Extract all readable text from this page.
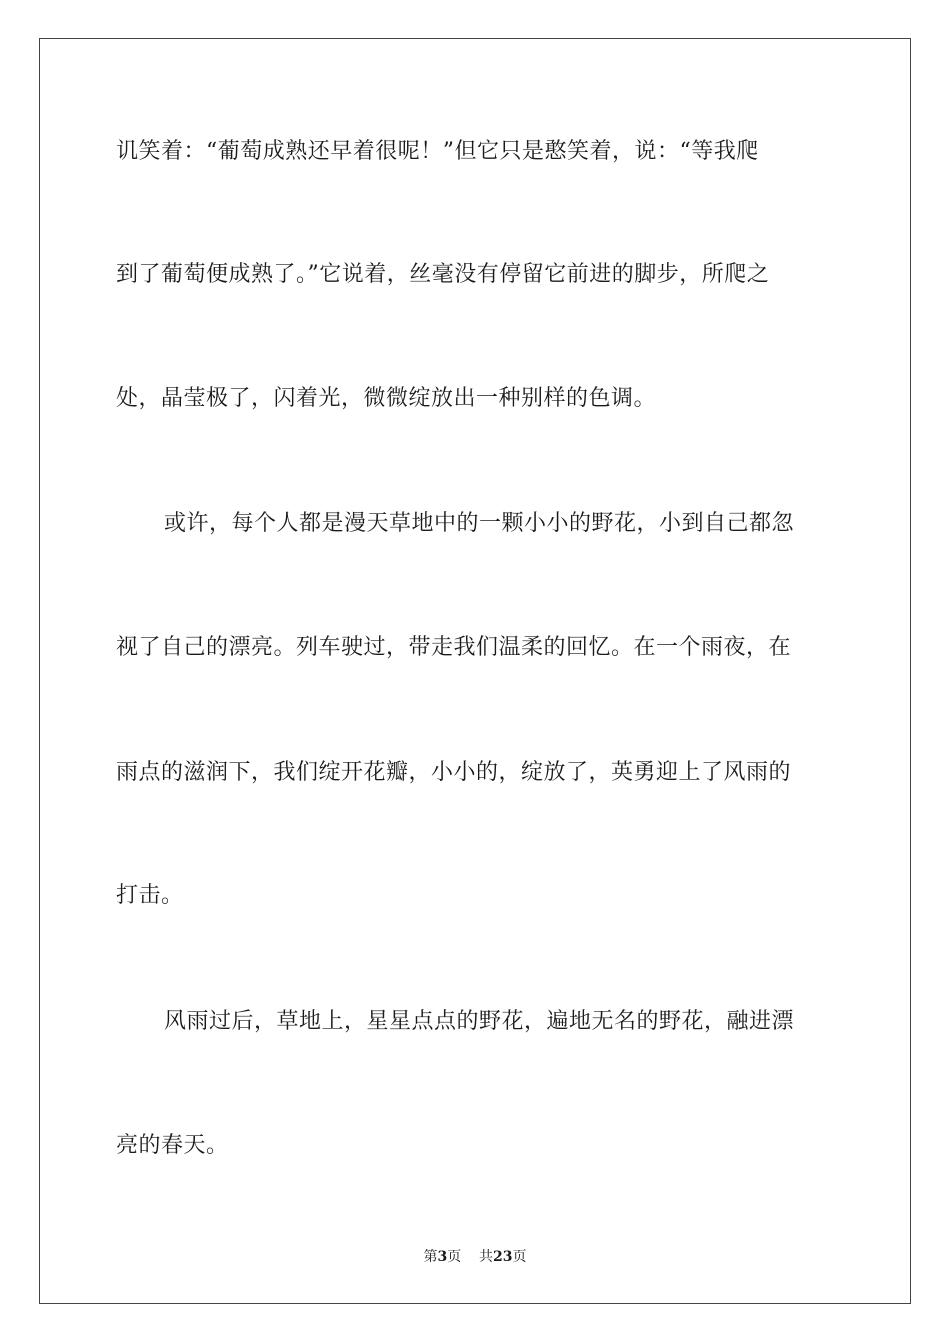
讥笑着：“葡萄成熟还早着很呢！”但它只是憨笑着，说：“等我爬
到了葡萄便成熟了。”它说着，丝毫没有停留它前进的脚步，所爬之
处，晶莹极了，闪着光，微微绽放出一种别样的色调。
或许，每个人都是漫天草地中的一颗小小的野花，小到自己都忽
视了自己的漂亮。列车驶过，带走我们温柔的回忆。在一个雨夜，在
雨点的滋润下，我们绽开花瓣，小小的，绽放了，英勇迎上了风雨的
打击。
风雨过后，草地上，星星点点的野花，遍地无名的野花，融进漂
亮的春天。
第3页 共23页
